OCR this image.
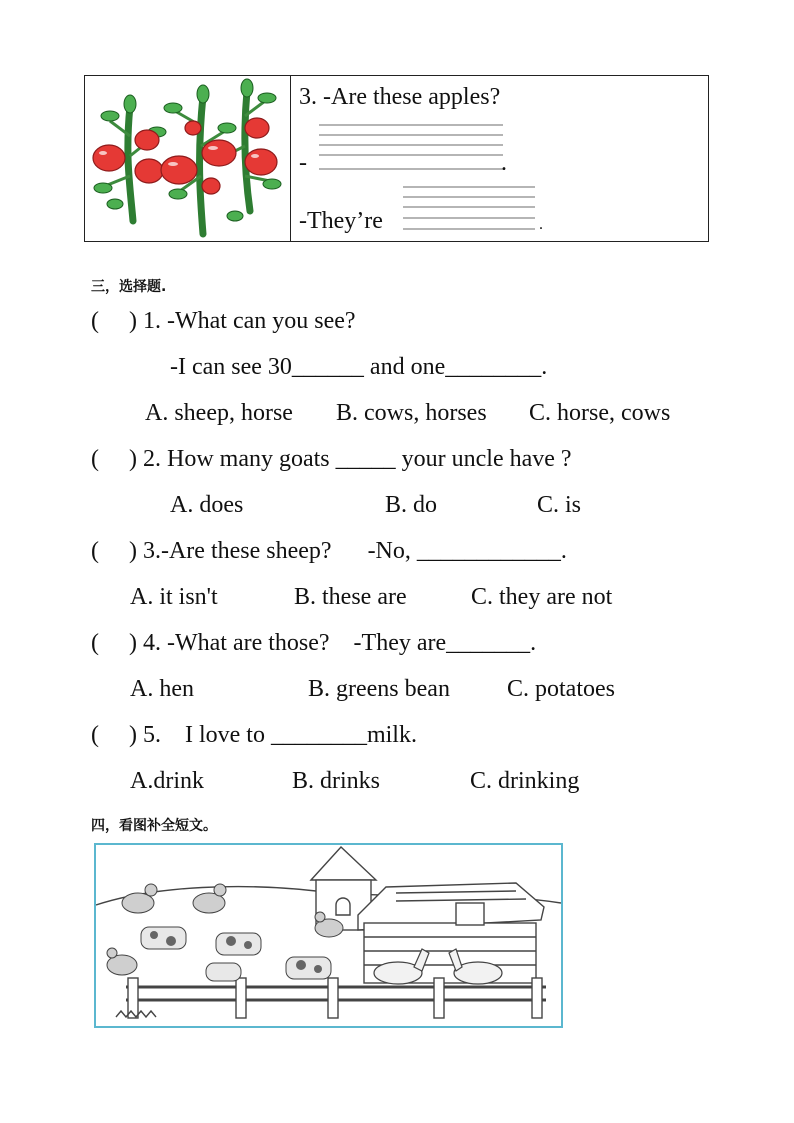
3. -Are these apples?
-	.
-They’re	.
三，选择题.
(     ) 1. -What can you see?
-I can see 30______ and one________.
A. sheep, horse B. cows, horses C. horse, cows
(     ) 2. How many goats _____ your uncle have ?
A. does	B. do	C. is
(     ) 3.-Are these sheep?      -No, ____________.
A. it isn't	B. these are	C. they are not
(     ) 4. -What are those?    -They are_______.
A. hen	B. greens bean C. potatoes
(     ) 5.    I love to ________milk.
A.drink	B. drinks	C. drinking
四，看图补全短文。
